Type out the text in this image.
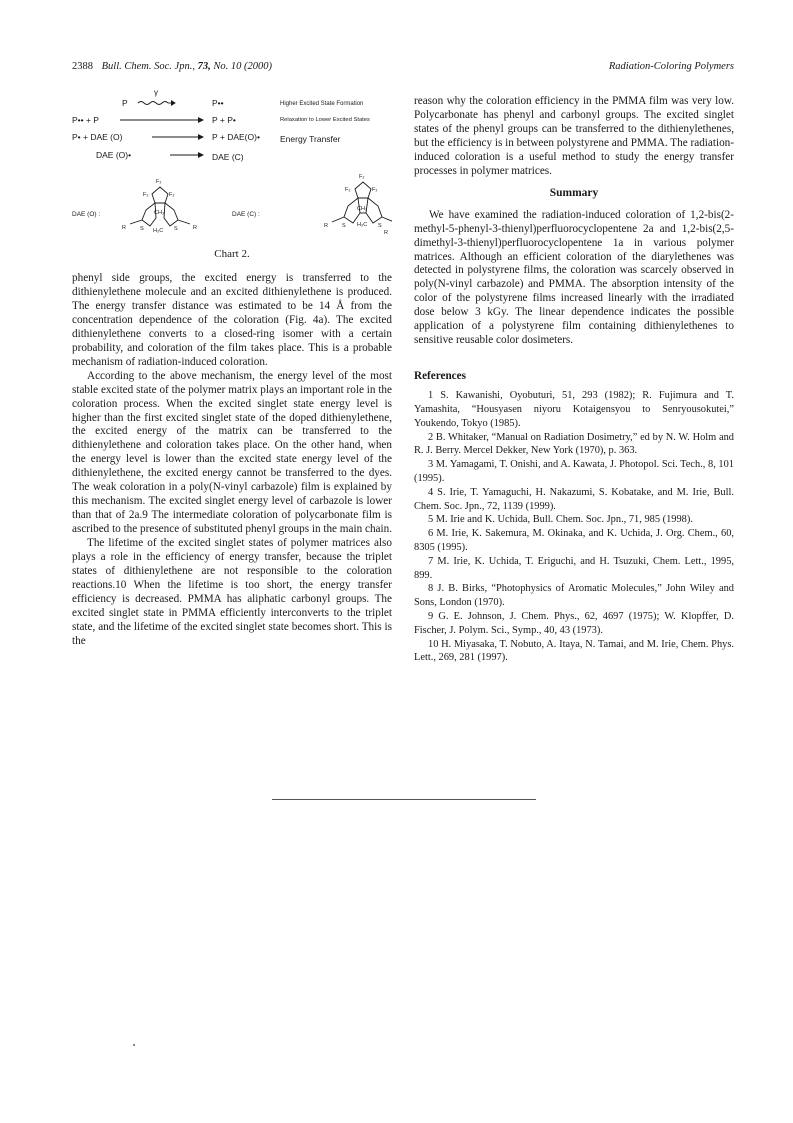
2388 Bull. Chem. Soc. Jpn., 73, No. 10 (2000)	Radiation-Coloring Polymers
γ
P	P••	Higher Excited State Formation
P•• + P	P + P•	Relaxation to Lower Excited States
P• + DAE (O)	P + DAE(O)• Energy Transfer
DAE (O)•	DAE (C)
DAE (O) :	DAE (C) :
F₂
F₂	F₂
CH₃
H₃C
S	S
R	R
F₂
F₂	F₂
CH₃
H₃C
S	S
R
R
Chart 2.

phenyl side groups, the excited energy is transferred to the dithienylethene molecule and an excited dithienylethene is produced. The energy transfer distance was estimated to be 14 Å from the concentration dependence of the coloration (Fig. 4a). The excited dithienylethene converts to a closed-ring isomer with a certain probability, and coloration of the film takes place. This is a probable mechanism of radiation-induced coloration.

According to the above mechanism, the energy level of the most stable excited state of the polymer matrix plays an important role in the coloration process. When the excited singlet state energy level is higher than the first excited singlet state of the doped dithienylethene, the excited energy of the matrix can be transferred to the dithienylethene and coloration takes place. On the other hand, when the energy level is lower than the excited state energy level of the dithienylethene, the excited energy cannot be transferred to the dyes. The weak coloration in a poly(N-vinyl carbazole) film is explained by this mechanism. The excited singlet energy level of carbazole is lower than that of 2a.9 The intermediate coloration of polycarbonate film is ascribed to the presence of substituted phenyl groups in the main chain.

The lifetime of the excited singlet states of polymer matrices also plays a role in the efficiency of energy transfer, because the triplet states of dithienylethene are not responsible to the coloration reactions.10 When the lifetime is too short, the energy transfer efficiency is decreased. PMMA has aliphatic carbonyl groups. The excited singlet state in PMMA efficiently interconverts to the triplet state, and the lifetime of the excited singlet state becomes short. This is the

reason why the coloration efficiency in the PMMA film was very low. Polycarbonate has phenyl and carbonyl groups. The excited singlet states of the phenyl groups can be transferred to the dithienylethenes, but the efficiency is in between polystyrene and PMMA. The radiation-induced coloration is a useful method to study the energy transfer processes in polymer matrices.

Summary

We have examined the radiation-induced coloration of 1,2-bis(2-methyl-5-phenyl-3-thienyl)perfluorocyclopentene 2a and 1,2-bis(2,5-dimethyl-3-thienyl)perfluorocyclopentene 1a in various polymer matrices. Although an efficient coloration of the diarylethenes was detected in polystyrene films, the coloration was scarcely observed in poly(N-vinyl carbazole) and PMMA. The absorption intensity of the color of the polystyrene films increased linearly with the irradiated dose below 3 kGy. The linear dependence indicates the possible application of a polystyrene film containing dithienylethenes to sensitive reusable color dosimeters.

References

1 S. Kawanishi, Oyobuturi, 51, 293 (1982); R. Fujimura and T. Yamashita, “Housyasen niyoru Kotaigensyou to Senryousokutei,” Youkendo, Tokyo (1985).

2 B. Whitaker, “Manual on Radiation Dosimetry,” ed by N. W. Holm and R. J. Berry. Mercel Dekker, New York (1970), p. 363.

3 M. Yamagami, T. Onishi, and A. Kawata, J. Photopol. Sci. Tech., 8, 101 (1995).

4 S. Irie, T. Yamaguchi, H. Nakazumi, S. Kobatake, and M. Irie, Bull. Chem. Soc. Jpn., 72, 1139 (1999).

5 M. Irie and K. Uchida, Bull. Chem. Soc. Jpn., 71, 985 (1998).

6 M. Irie, K. Sakemura, M. Okinaka, and K. Uchida, J. Org. Chem., 60, 8305 (1995).

7 M. Irie, K. Uchida, T. Eriguchi, and H. Tsuzuki, Chem. Lett., 1995, 899.

8 J. B. Birks, “Photophysics of Aromatic Molecules,” John Wiley and Sons, London (1970).

9 G. E. Johnson, J. Chem. Phys., 62, 4697 (1975); W. Klopffer, D. Fischer, J. Polym. Sci., Symp., 40, 43 (1973).

10 H. Miyasaka, T. Nobuto, A. Itaya, N. Tamai, and M. Irie, Chem. Phys. Lett., 269, 281 (1997).
